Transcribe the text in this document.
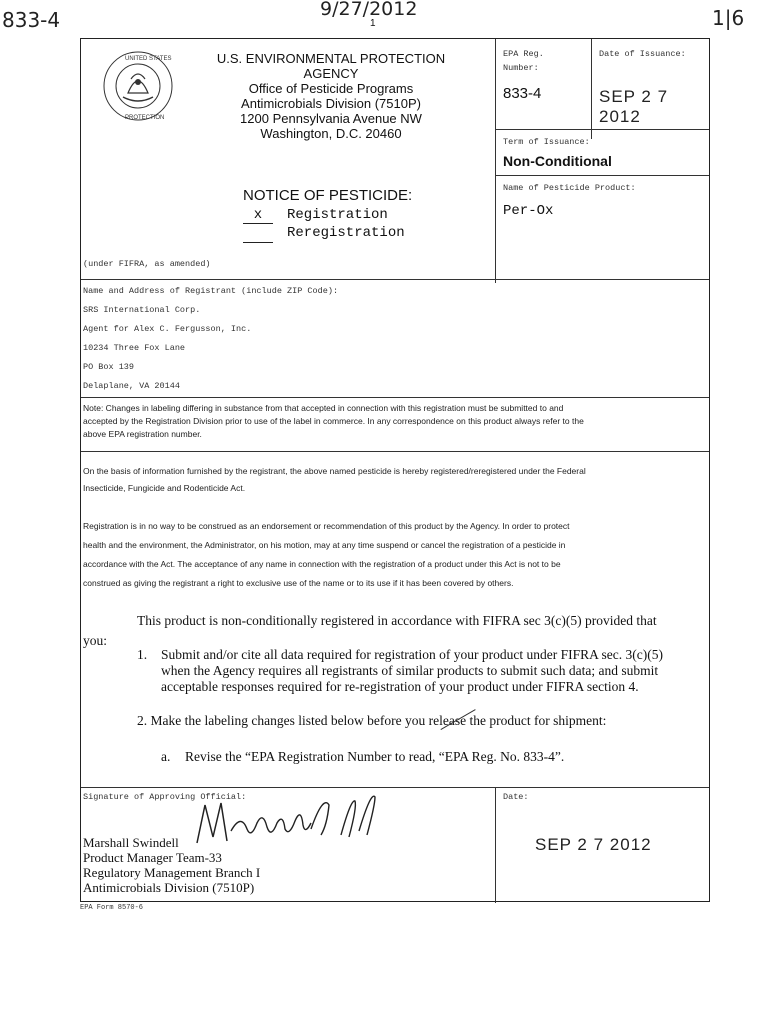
833-4	9/27/2012
1	1|6
UNITED STATES
PROTECTION
U.S. ENVIRONMENTAL PROTECTION
AGENCY
Office of Pesticide Programs
Antimicrobials Division (7510P)
1200 Pennsylvania Avenue NW
Washington, D.C. 20460
NOTICE OF PESTICIDE:
x	Registration
Reregistration
(under FIFRA, as amended)
EPA Reg. Number:
833-4
Date of Issuance:
SEP 2 7 2012
Term of Issuance:
Non-Conditional
Name of Pesticide Product:
Per-Ox
Name and Address of Registrant (include ZIP Code):
SRS International Corp.
Agent for Alex C. Fergusson, Inc.
10234 Three Fox Lane
PO Box 139
Delaplane, VA 20144
Note: Changes in labeling differing in substance from that accepted in connection with this registration must be submitted to and
accepted by the Registration Division prior to use of the label in commerce. In any correspondence on this product always refer to the
above EPA registration number.
On the basis of information furnished by the registrant, the above named pesticide is hereby registered/reregistered under the Federal
Insecticide, Fungicide and Rodenticide Act.
Registration is in no way to be construed as an endorsement or recommendation of this product by the Agency. In order to protect
health and the environment, the Administrator, on his motion, may at any time suspend or cancel the registration of a pesticide in
accordance with the Act. The acceptance of any name in connection with the registration of a product under this Act is not to be
construed as giving the registrant a right to exclusive use of the name or to its use if it has been covered by others.
This product is non-conditionally registered in accordance with FIFRA sec 3(c)(5) provided that
you:
1. Submit and/or cite all data required for registration of your product under FIFRA sec. 3(c)(5)
when the Agency requires all registrants of similar products to submit such data; and submit
acceptable responses required for re-registration of your product under FIFRA section 4.
2. Make the labeling changes listed below before you release the product for shipment:
a. Revise the “EPA Registration Number to read, “EPA Reg. No. 833-4”.
Signature of Approving Official:
Marshall Swindell
Product Manager Team-33
Regulatory Management Branch I
Antimicrobials Division (7510P)
Date:
SEP 2 7 2012
EPA Form 8570-6
